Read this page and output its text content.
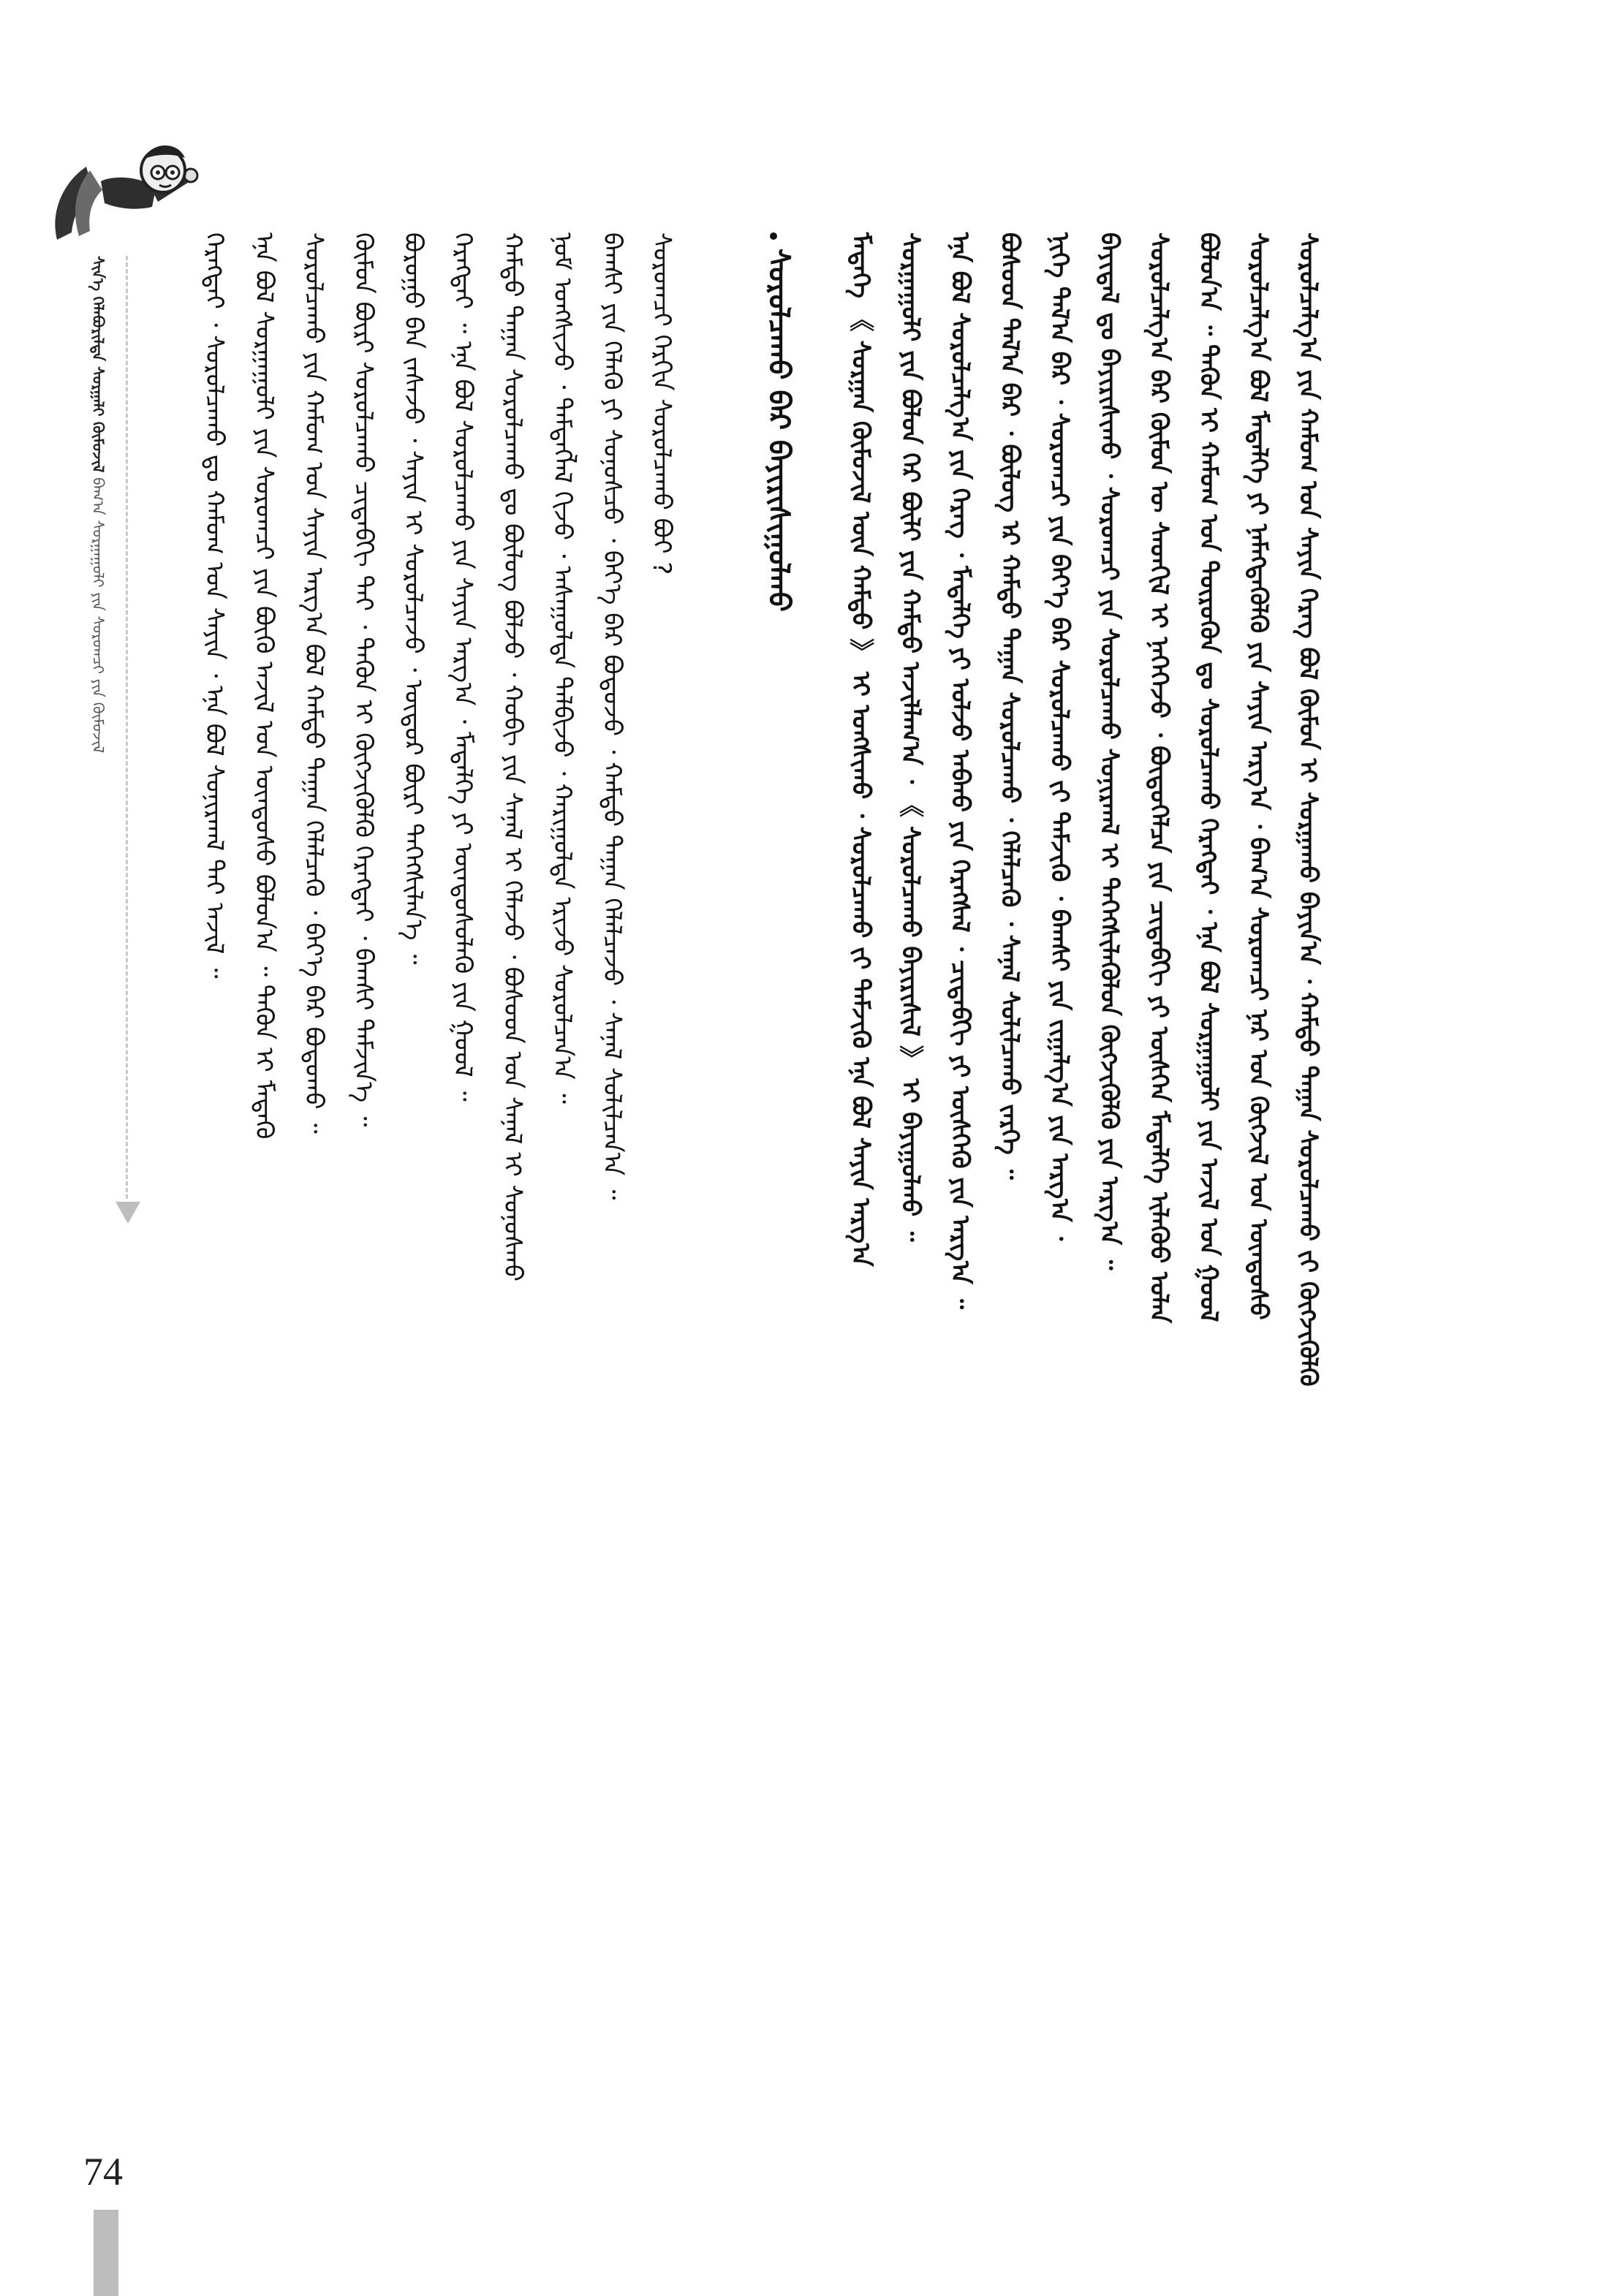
ᠰᠢᠨ᠎ᠡ ᠬᠡᠯᠡᠪᠦᠷᠢᠯᠲᠡ ᠰᠤᠷᠭᠠᠯᠢ ᠬᠥᠮᠦᠵᠢᠯ ᠪᠠᠭ᠎ᠠ ᠰᠤᠷᠭᠠᠭᠤᠯᠢ ᠶᠢᠨ ᠰᠤᠷᠤᠭᠴᠢ ᠶᠢᠨ ᠬᠥᠮᠦᠵᠢᠯ	ᠬᠡᠷᠡᠭᠲᠡᠢ ᠂ ᠰᠤᠷᠤᠯᠴᠠᠬᠤ ᠳᠤ ᠬᠠᠮᠤᠭ ᠤᠨ ᠰᠠᠶᠢᠨ ᠂ ᠡᠨᠡ ᠪᠤᠯ ᠰᠣᠨᠢᠷᠬᠠᠯ ᠲᠠᠢ ᠠᠵᠢᠯ ᠃ ᠡᠨᠡ ᠪᠤᠯ ᠰᠤᠷᠭᠠᠭᠤᠯᠢ ᠶᠢᠨ ᠰᠤᠷᠤᠭᠴᠢ ᠶᠢᠨ ᠪᠦᠬᠦ ᠠᠵᠢᠯ ᠤᠨ ᠦᠨᠳᠦᠰᠦ ᠪᠣᠯᠤᠨ᠎ᠠ ᠃ ᠲᠡᠭᠦᠨ ᠢ ᠮᠡᠳᠡᠬᠦ ᠰᠤᠷᠤᠯᠴᠠᠬᠤ ᠶᠢᠨ ᠬᠠᠮᠤᠭ ᠤᠨ ᠰᠠᠶᠢᠨ ᠠᠷᠭ᠎ᠠ ᠪᠤᠯ ᠬᠠᠮᠲᠤ ᠳᠠᠭᠠᠨ ᠬᠡᠯᠡᠯᠴᠡᠬᠦ ᠂ ᠪᠡᠶ᠎ᠡ ᠪᠡᠷ ᠪᠣᠳᠤᠬᠤ ᠃ ᠬᠦᠮᠦᠨ ᠪᠦᠷᠢ ᠰᠤᠷᠤᠯᠴᠠᠬᠤ ᠴᠢᠳᠠᠪᠬᠢ ᠲᠠᠢ ᠂ ᠲᠡᠭᠦᠨ ᠢ ᠬᠥᠭᠵᠢᠭᠦᠯᠬᠦ ᠬᠡᠷᠡᠭᠲᠡᠢ ᠂ ᠪᠠᠭᠰᠢ ᠳᠡᠮᠵᠢᠨ᠎ᠡ ᠃ ᠪᠤᠷᠤᠭᠤ ᠪᠠᠨ ᠵᠠᠰᠠᠵᠤ ᠂ ᠰᠠᠶᠢᠨ ᠢ ᠰᠤᠷᠤᠯᠴᠠᠵᠤ ᠂ ᠥᠳᠦᠷ ᠪᠦᠷᠢ ᠳᠡᠭᠡᠭᠰᠢᠯᠡᠨ᠎ᠡ ᠃ ᠬᠡᠷᠡᠭᠲᠡᠢ ᠃ ᠡᠨᠡ ᠪᠤᠯ ᠰᠤᠷᠤᠯᠴᠠᠬᠤ ᠶᠢᠨ ᠰᠠᠶᠢᠨ ᠠᠷᠭ᠎ᠠ ᠂ ᠮᠡᠳᠡᠯᠭᠡ ᠶᠢ ᠦᠨᠳᠦᠰᠦᠯᠡᠬᠦ ᠶᠢᠨ ᠭᠣᠣᠯ ᠃ ᠬᠠᠮᠲᠤ ᠳᠠᠭᠠᠨ ᠰᠤᠷᠤᠯᠴᠠᠬᠤ ᠳᠤ ᠪᠦᠯᠦᠭ ᠪᠣᠯᠵᠤ ᠂ ᠬᠤᠪᠢ ᠶᠢᠨ ᠰᠠᠨᠠᠯ ᠢ ᠬᠡᠯᠡᠵᠦ ᠂ ᠪᠤᠰᠤᠳ ᠤᠨ ᠰᠠᠨᠠᠯ ᠢ ᠰᠣᠨᠣᠰᠬᠤ ᠨᠣᠮ ᠤᠩᠰᠢᠵᠤ ᠂ ᠲᠡᠮᠳᠡᠭᠯᠡᠯ ᠬᠢᠵᠦ ᠂ ᠠᠰᠠᠭᠤᠯᠲᠠ ᠲᠠᠯᠪᠢᠵᠤ ᠂ ᠬᠠᠷᠢᠭᠤᠯᠲᠠ ᠡᠷᠢᠵᠦ ᠰᠤᠷᠤᠯᠴᠠᠨ᠎ᠠ ᠃ ᠪᠠᠭᠰᠢ ᠶᠢᠨ ᠬᠡᠯᠡᠬᠦ ᠶᠢ ᠰᠣᠨᠣᠰᠴᠤ ᠂ ᠪᠡᠶ᠎ᠡ ᠪᠡᠷ ᠪᠣᠳᠤᠵᠤ ᠂ ᠬᠠᠮᠲᠤ ᠳᠠᠭᠠᠨ ᠬᠡᠯᠡᠯᠴᠡᠵᠦ ᠂ ᠰᠠᠨᠠᠯ ᠰᠣᠯᠢᠯᠴᠠᠨ᠎ᠠ ᠃ ᠰᠤᠷᠤᠭᠴᠢ ᠬᠡᠷᠬᠢᠨ ᠰᠤᠷᠤᠯᠴᠠᠬᠤ ᠪᠤᠢ ?	ᠰᠤᠷᠤᠯᠴᠠᠬᠤ ᠪᠠᠷ ᠪᠠᠶᠢᠷᠢᠰᠢᠭᠤᠯᠬᠤ	ᠮᠡᠳᠡᠭᠡ 《 ᠰᠤᠷᠭᠠᠨ ᠬᠦᠮᠦᠵᠢᠯ ᠦᠨ ᠬᠠᠮᠲᠤ 》 ᠢ ᠤᠩᠰᠢᠬᠤ ᠂ ᠰᠤᠷᠤᠯᠴᠠᠬᠤ ᠵᠢ ᠳᠡᠮᠵᠢᠬᠦ ᠡᠨᠡ ᠪᠤᠯ ᠰᠠᠶᠢᠨ ᠠᠷᠭ᠎ᠠ ᠰᠤᠷᠭᠠᠭᠤᠯᠢ ᠶᠢᠨ ᠪᠤᠯᠤᠨ ᠭᠡᠷ ᠪᠦᠯᠢ ᠶᠢᠨ ᠬᠠᠮᠲᠤ ᠠᠵᠢᠯᠯᠠᠭ᠎ᠠ ᠂ 《 ᠰᠤᠷᠤᠯᠴᠠᠬᠤ ᠪᠠᠶᠢᠷᠢᠰᠢᠯ 》 ᠢ ᠪᠠᠶᠢᠭᠤᠯᠬᠤ ᠃ ᠡᠨᠡ ᠪᠤᠯ ᠰᠤᠷᠤᠯᠴᠠᠯᠭ᠎ᠠ ᠶᠢᠨ ᠬᠡᠷᠡᠭ ᠂ ᠮᠡᠳᠡᠯᠭᠡ ᠶᠢ ᠣᠯᠵᠤ ᠠᠪᠬᠤ ᠶᠢᠨ ᠬᠡᠷᠡᠭᠰᠡᠯ ᠂ ᠴᠢᠳᠠᠪᠬᠢ ᠶᠢ ᠥᠰᠬᠡᠬᠦ ᠶᠢᠨ ᠠᠷᠭ᠎ᠠ ᠃ ᠪᠤᠰᠤᠳ ᠲᠠᠯ᠎ᠠ ᠪᠠᠷ ᠂ ᠪᠦᠯᠦᠭ ᠡᠷ ᠬᠠᠮᠲᠤ ᠳᠠᠭᠠᠨ ᠰᠤᠷᠤᠯᠴᠠᠬᠤ ᠂ ᠬᠡᠯᠡᠯᠴᠡᠬᠦ ᠂ ᠰᠠᠨᠠᠯ ᠰᠣᠯᠢᠯᠴᠠᠬᠤ ᠵᠡᠷᠭᠡ ᠃ ᠨᠢᠭᠡ ᠲᠠᠯ᠎ᠠ ᠪᠠᠷ ᠂ ᠰᠤᠷᠤᠭᠴᠢ ᠶᠢᠨ ᠪᠡᠶ᠎ᠡ ᠪᠡᠷ ᠰᠤᠷᠤᠯᠴᠠᠬᠤ ᠵᠢ ᠳᠡᠮᠵᠢᠬᠦ ᠂ ᠪᠠᠭᠰᠢ ᠶᠢᠨ ᠵᠢᠭᠠᠯᠭ᠎ᠠ ᠶᠢᠨ ᠠᠷᠭ᠎ᠠ ᠂ ᠪᠠᠶᠢᠳᠠᠯ ᠳᠤ ᠪᠠᠶᠢᠷᠢᠰᠢᠬᠤ ᠂ ᠰᠤᠷᠤᠭᠴᠢ ᠶᠢᠨ ᠰᠤᠷᠤᠯᠴᠠᠬᠤ ᠰᠣᠨᠢᠷᠬᠠᠯ ᠢ ᠳᠡᠭᠡᠭᠰᠢᠯᠡᠭᠦᠯᠦᠨ ᠬᠥᠭᠵᠢᠭᠦᠯᠬᠦ ᠶᠢᠨ ᠠᠷᠭ᠎ᠠ ᠃ ᠰᠤᠷᠤᠯᠴᠠᠯᠭ᠎ᠠ ᠪᠠᠷ ᠬᠦᠮᠦᠨ ᠦ ᠰᠡᠳᠬᠢᠯ ᠢ ᠨᠡᠭᠡᠭᠡᠵᠦ ᠂ ᠪᠦᠲᠦᠭᠡᠯᠴᠡ ᠶᠢᠨ ᠴᠢᠳᠠᠪᠬᠢ ᠶᠢ ᠥᠰᠬᠡᠨ ᠮᠡᠳᠡᠯᠭᠡ ᠢᠯᠡᠭᠦᠦ ᠣᠯᠠᠨ ᠪᠣᠯᠤᠨ᠎ᠠ ᠃ ᠲᠡᠭᠦᠨ ᠢ ᠬᠠᠮᠤᠭ ᠤᠨ ᠲᠦᠷᠦᠭᠦᠨ ᠳᠤ ᠰᠤᠷᠤᠯᠴᠠᠬᠤ ᠬᠡᠷᠡᠭᠲᠡᠢ ᠂ ᠡᠨᠡ ᠪᠤᠯ ᠰᠤᠷᠭᠠᠭᠤᠯᠢ ᠶᠢᠨ ᠠᠵᠢᠯ ᠤᠨ ᠭᠣᠣᠯ ᠰᠤᠷᠤᠯᠴᠠᠯᠭ᠎ᠠ ᠪᠤᠯ ᠮᠡᠳᠡᠯᠭᠡ ᠶᠢ ᠨᠡᠮᠡᠭᠳᠡᠭᠦᠯᠬᠦ ᠶᠢᠨ ᠰᠠᠶᠢᠨ ᠠᠷᠭ᠎ᠠ ᠂ ᠪᠠᠭ᠎ᠠ ᠰᠤᠷᠤᠭᠴᠢ ᠨᠠᠷ ᠤᠨ ᠬᠥᠭᠵᠢᠯ ᠤᠨ ᠦᠨᠳᠦᠰᠦ ᠰᠤᠷᠤᠯᠴᠠᠯᠭ᠎ᠠ ᠶᠢᠨ ᠬᠠᠮᠤᠭ ᠤᠨ ᠰᠠᠶᠢᠨ ᠬᠡᠷᠡᠭ ᠪᠤᠯ ᠬᠦᠮᠦᠨ ᠢ ᠰᠤᠷᠭᠠᠬᠤ ᠪᠠᠶᠢᠨ᠎ᠠ ᠂ ᠬᠠᠮᠲᠤ ᠳᠠᠭᠠᠨ ᠰᠤᠷᠤᠯᠴᠠᠬᠤ ᠵᠢ ᠬᠥᠭᠵᠢᠭᠦᠯᠬᠦ
74
